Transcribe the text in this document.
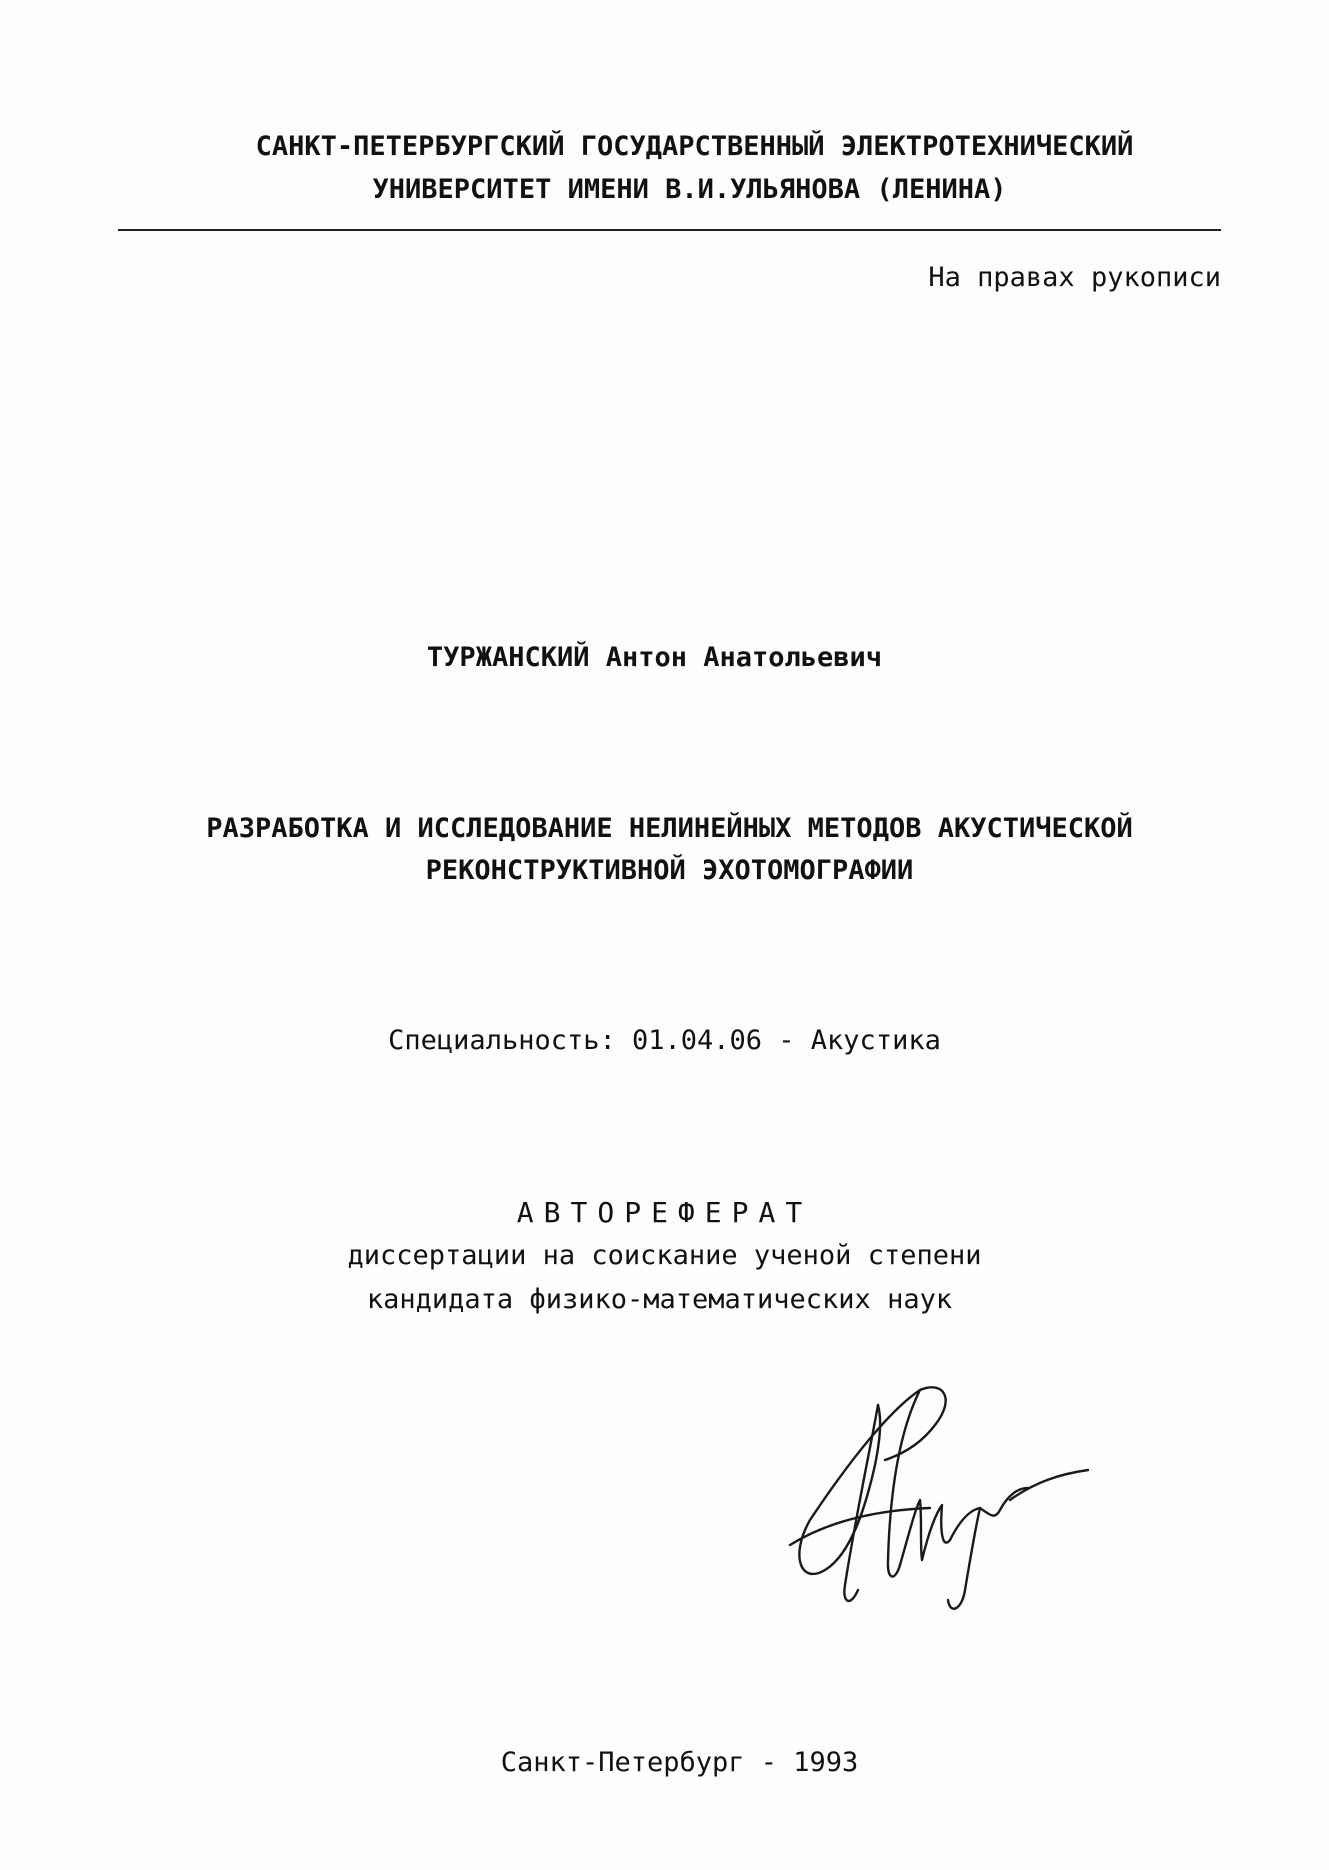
САНКТ-ПЕТЕРБУРГСКИЙ ГОСУДАРСТВЕННЫЙ ЭЛЕКТРОТЕХНИЧЕСКИЙ
УНИВЕРСИТЕТ ИМЕНИ В.И.УЛЬЯНОВА (ЛЕНИНА)
На правах рукописи
ТУРЖАНСКИЙ Антон Анатольевич
РАЗРАБОТКА И ИССЛЕДОВАНИЕ НЕЛИНЕЙНЫХ МЕТОДОВ АКУСТИЧЕСКОЙ
РЕКОНСТРУКТИВНОЙ ЭХОТОМОГРАФИИ
Специальность: 01.04.06 - Акустика
АВТОРЕФЕРАТ
диссертации на соискание ученой степени
кандидата физико-математических наук
Санкт-Петербург - 1993
